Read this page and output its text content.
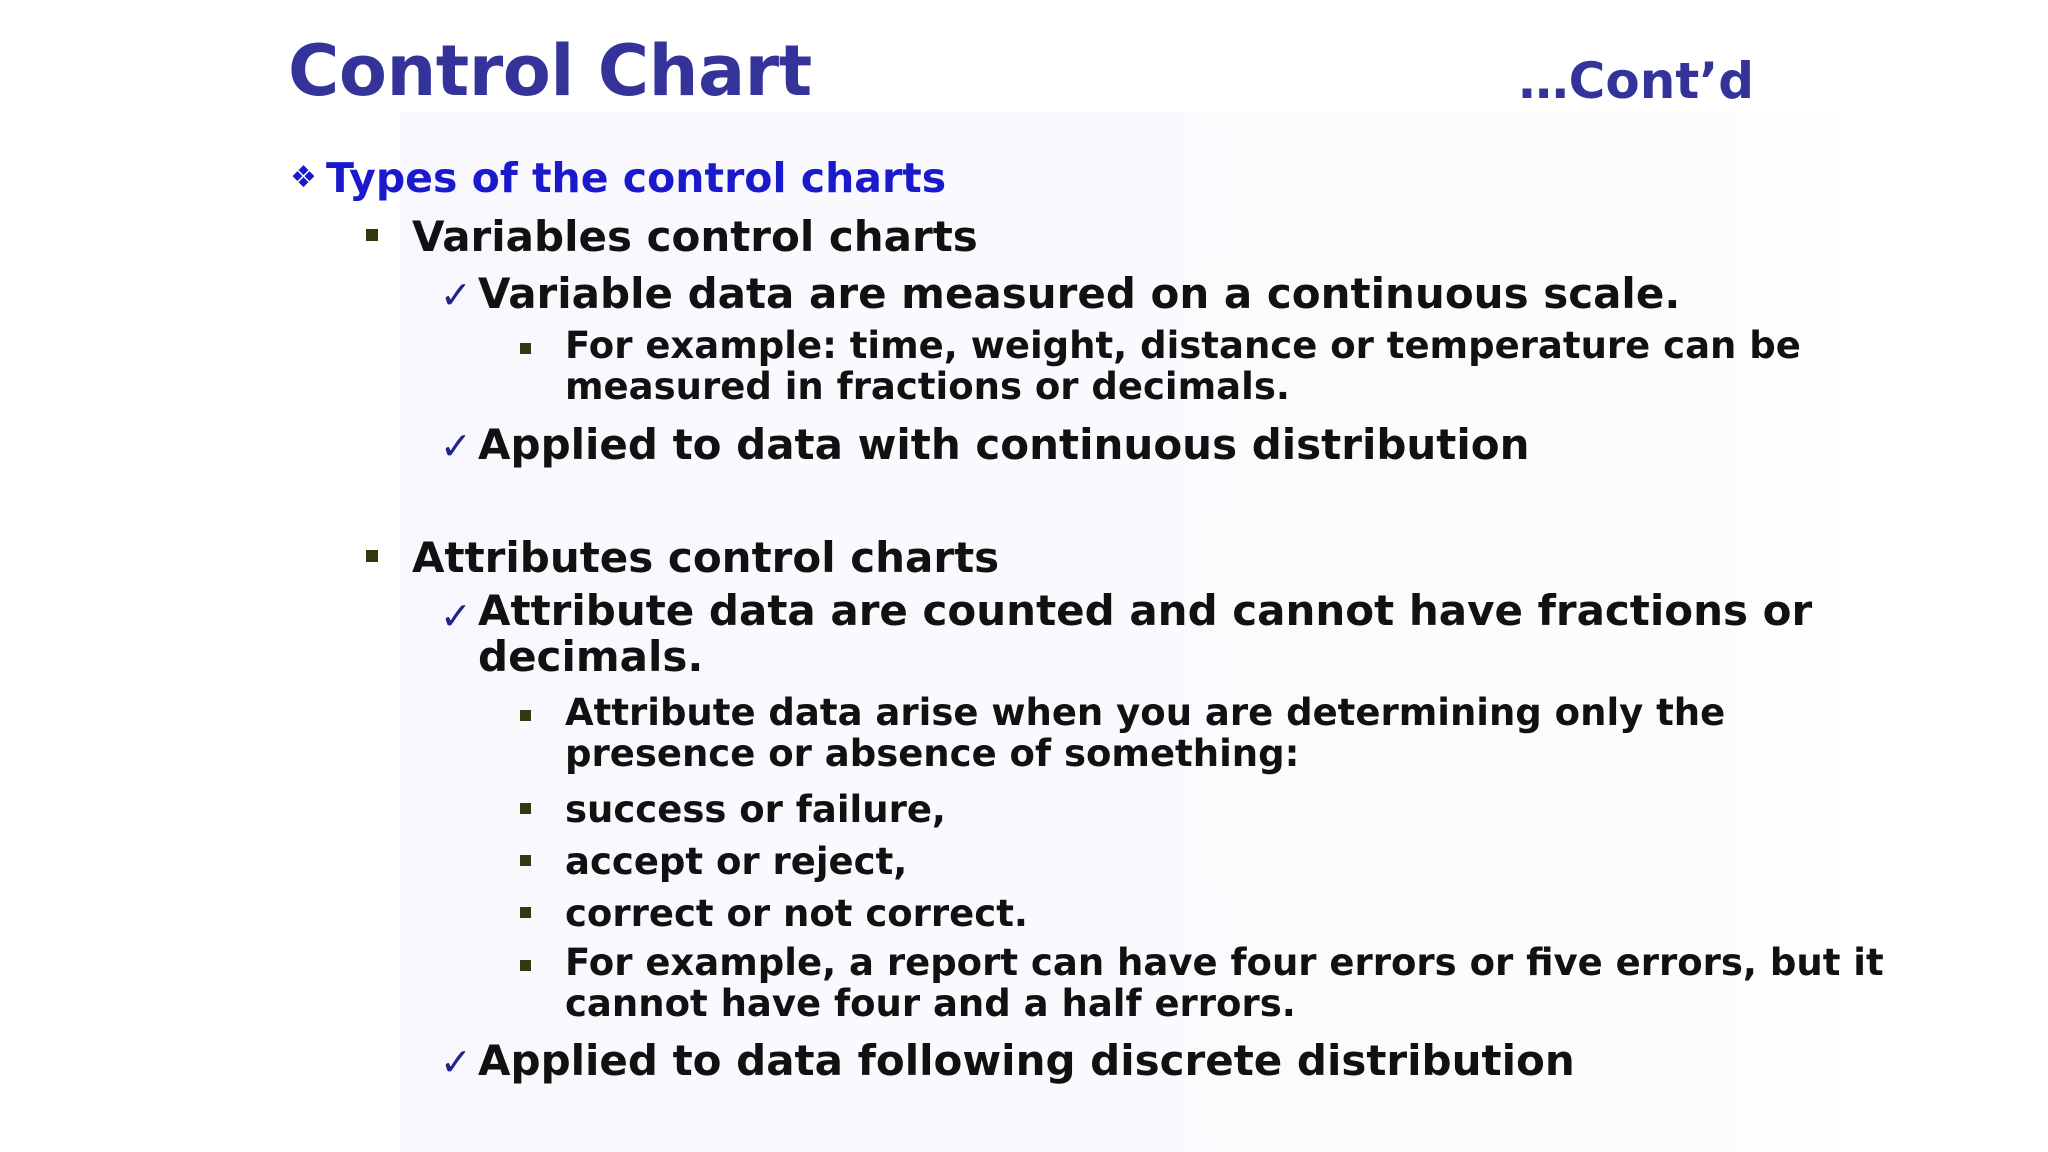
Control Chart	…Cont’d
❖ Types of the control charts
Variables control charts
✓ Variable data are measured on a continuous scale.
For example: time, weight, distance or temperature can be
measured in fractions or decimals.
✓ Applied to data with continuous distribution
Attributes control charts
✓ Attribute data are counted and cannot have fractions or
decimals.
Attribute data arise when you are determining only the
presence or absence of something:
success or failure,
accept or reject,
correct or not correct.
For example, a report can have four errors or five errors, but it
cannot have four and a half errors.
✓ Applied to data following discrete distribution
